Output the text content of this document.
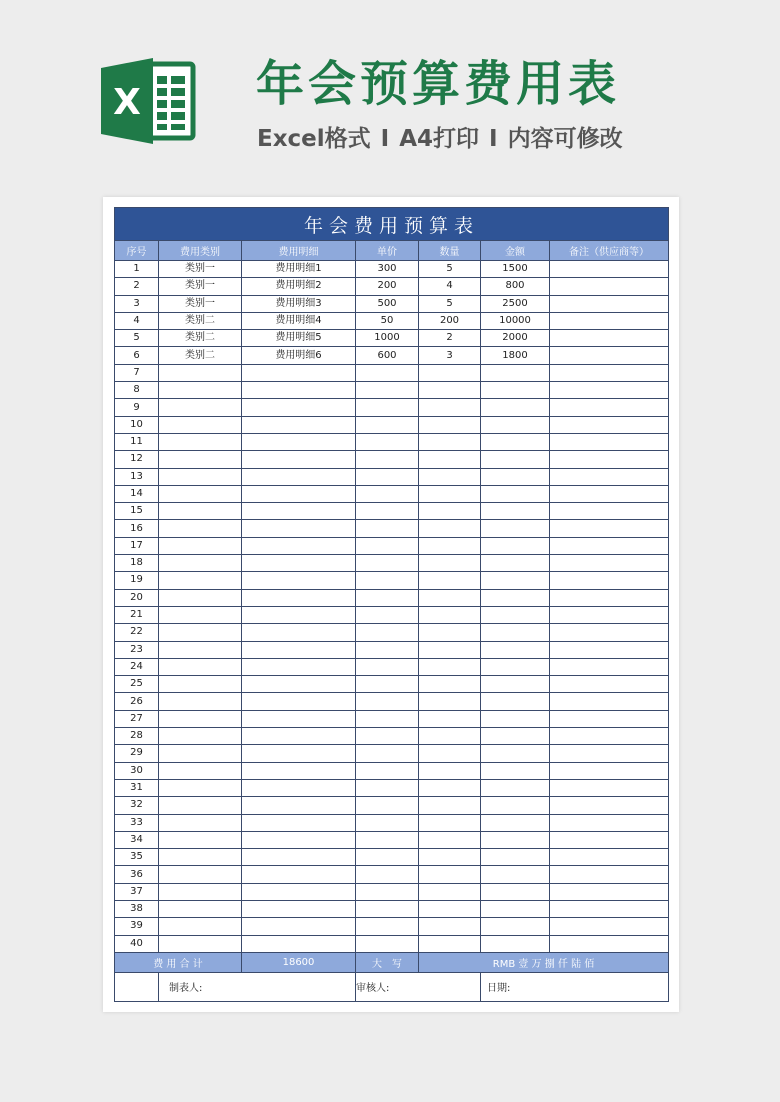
X 年会预算费用表
Excel格式 I A4打印 I 内容可修改
年会费用预算表						
序号	费用类别	费用明细	单价	数量	金额	备注（供应商等）
1	类别一	费用明细1	300	5	1500	
2	类别一	费用明细2	200	4	800	
3	类别一	费用明细3	500	5	2500	
4	类别二	费用明细4	50	200	10000	
5	类别二	费用明细5	1000	2	2000	
6	类别二	费用明细6	600	3	1800	
7						
8						
9						
10						
11						
12						
13						
14						
15						
16						
17						
18						
19						
20						
21						
22						
23						
24						
25						
26						
27						
28						
29						
30						
31						
32						
33						
34						
35						
36						
37						
38						
39						
40						
费 用 合 计		18600	大　写	RMB 壹 万 捌 仟 陆 佰		
	制表人:		审核人:		日期:	
